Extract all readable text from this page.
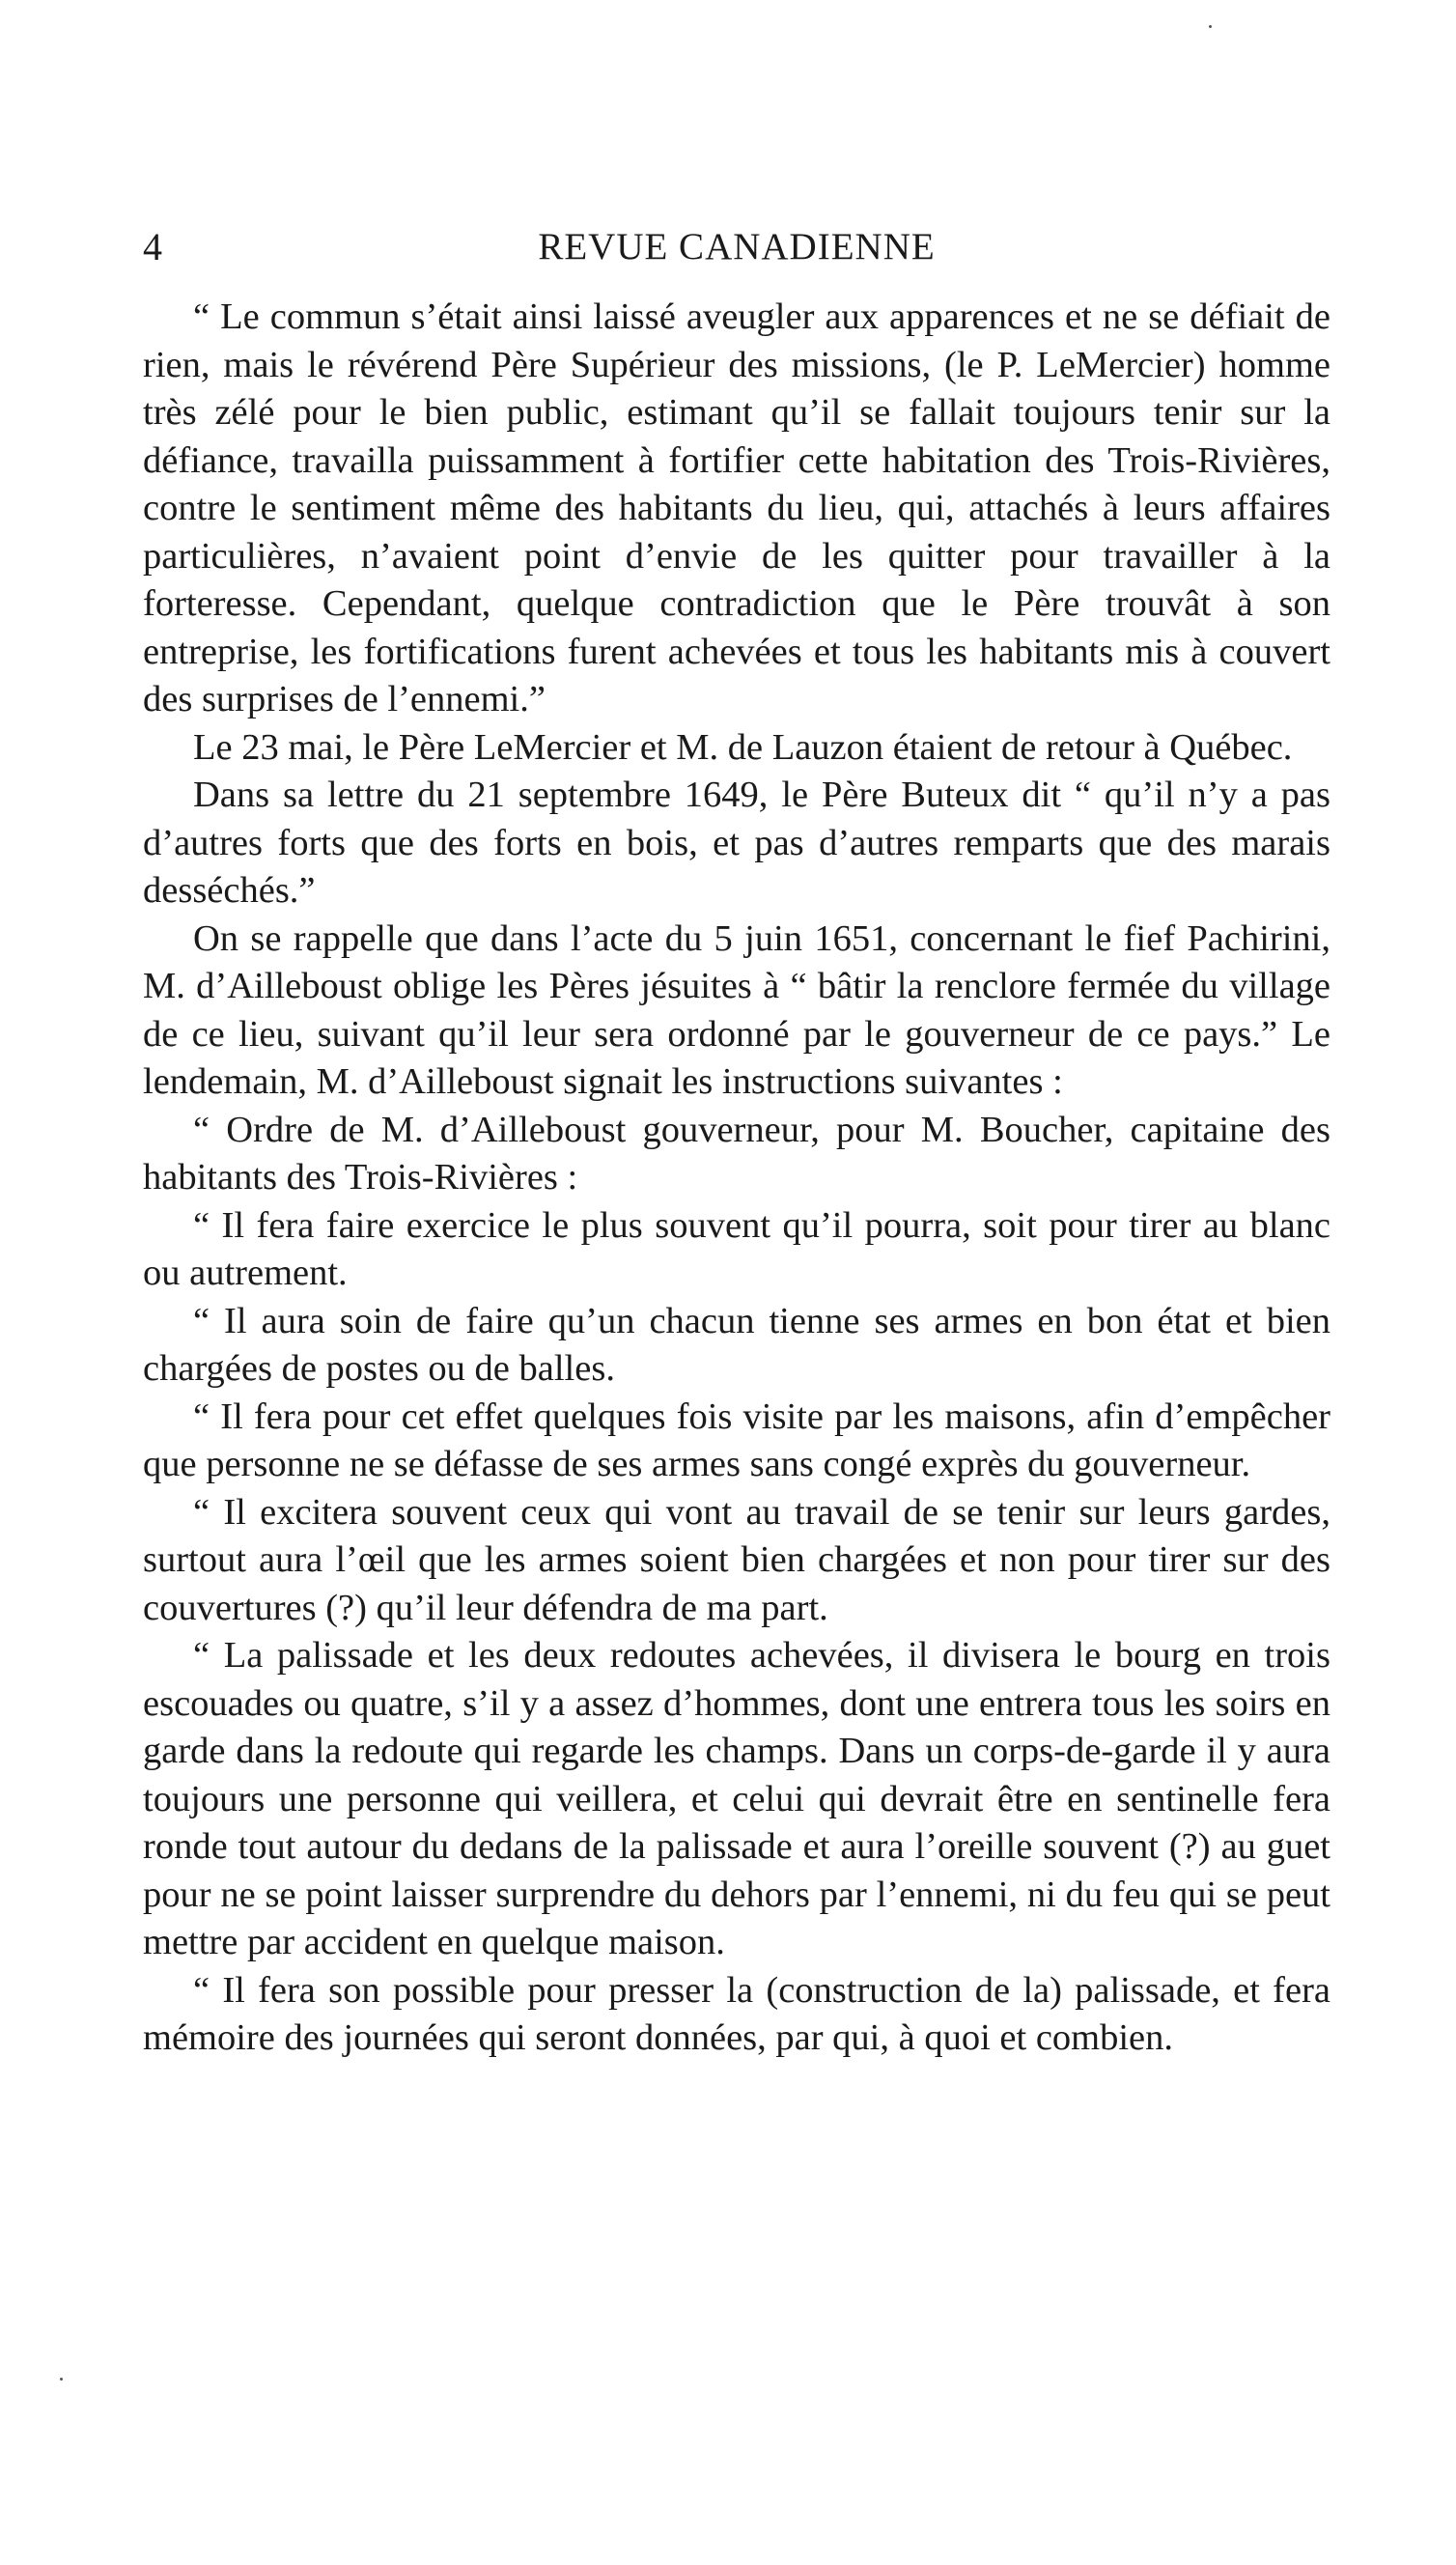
4	REVUE CANADIENNE

“ Le commun s’était ainsi laissé aveugler aux apparences et ne se défiait de rien, mais le révérend Père Supérieur des missions, (le P. LeMercier) homme très zélé pour le bien public, estimant qu’il se fallait toujours tenir sur la défiance, travailla puissamment à fortifier cette habitation des Trois-Rivières, contre le sentiment même des habitants du lieu, qui, attachés à leurs affaires particulières, n’avaient point d’envie de les quitter pour travailler à la forteresse. Cependant, quelque contradiction que le Père trouvât à son entreprise, les fortifications furent achevées et tous les habitants mis à couvert des surprises de l’ennemi.”

Le 23 mai, le Père LeMercier et M. de Lauzon étaient de retour à Québec.

Dans sa lettre du 21 septembre 1649, le Père Buteux dit “ qu’il n’y a pas d’autres forts que des forts en bois, et pas d’autres remparts que des marais desséchés.”

On se rappelle que dans l’acte du 5 juin 1651, concernant le fief Pachirini, M. d’Ailleboust oblige les Pères jésuites à “ bâtir la renclore fermée du village de ce lieu, suivant qu’il leur sera ordonné par le gouverneur de ce pays.” Le lendemain, M. d’Ailleboust signait les instructions suivantes :

“ Ordre de M. d’Ailleboust gouverneur, pour M. Boucher, capitaine des habitants des Trois-Rivières :

“ Il fera faire exercice le plus souvent qu’il pourra, soit pour tirer au blanc ou autrement.

“ Il aura soin de faire qu’un chacun tienne ses armes en bon état et bien chargées de postes ou de balles.

“ Il fera pour cet effet quelques fois visite par les maisons, afin d’empêcher que personne ne se défasse de ses armes sans congé exprès du gouverneur.

“ Il excitera souvent ceux qui vont au travail de se tenir sur leurs gardes, surtout aura l’œil que les armes soient bien chargées et non pour tirer sur des couvertures (?) qu’il leur défendra de ma part.

“ La palissade et les deux redoutes achevées, il divisera le bourg en trois escouades ou quatre, s’il y a assez d’hommes, dont une entrera tous les soirs en garde dans la redoute qui regarde les champs. Dans un corps-de-garde il y aura toujours une personne qui veillera, et celui qui devrait être en sentinelle fera ronde tout autour du dedans de la palissade et aura l’oreille souvent (?) au guet pour ne se point laisser surprendre du dehors par l’ennemi, ni du feu qui se peut mettre par accident en quelque maison.

“ Il fera son possible pour presser la (construction de la) palissade, et fera mémoire des journées qui seront données, par qui, à quoi et combien.
